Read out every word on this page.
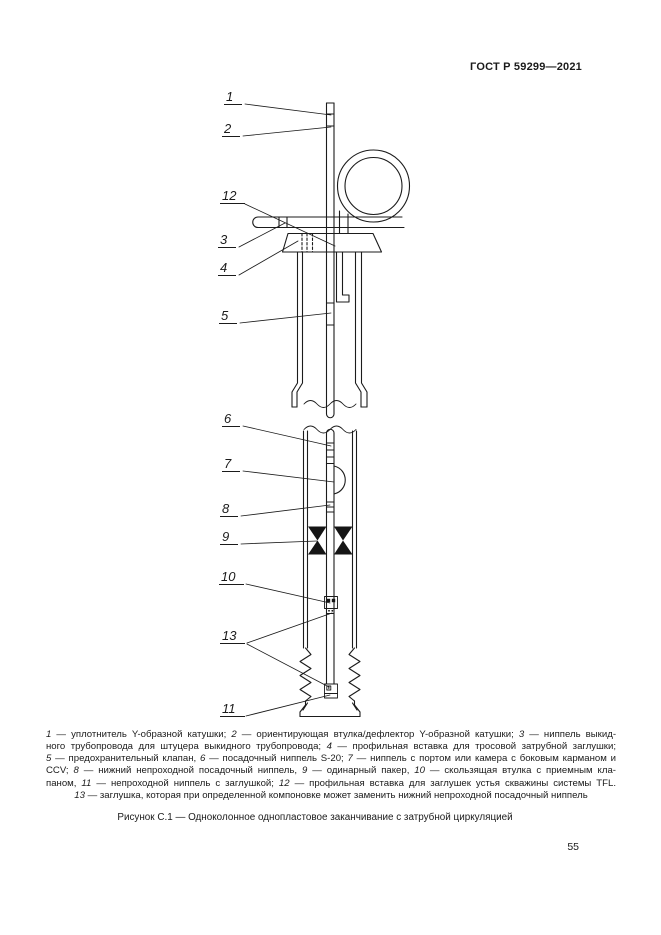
ГОСТ Р 59299—2021
1
2
12
3
4
5
6
7
8
9
10
13
11
1 — уплотнитель Y-образной катушки; 2 — ориентирующая втулка/дефлектор Y-образной катушки; 3 — ниппель выкид-
ного трубопровода для штуцера выкидного трубопровода; 4 — профильная вставка для тросовой затрубной заглушки;
5 — предохранительный клапан, 6 — посадочный ниппель S-20; 7 — ниппель с портом или камера с боковым карманом и
CCV; 8 — нижний непроходной посадочный ниппель, 9 — одинарный пакер, 10 — скользящая втулка с приемным кла-
паном, 11 — непроходной ниппель с заглушкой; 12 — профильная вставка для заглушек устья скважины системы TFL.
13 — заглушка, которая при определенной компоновке может заменить нижний непроходной посадочный ниппель
Рисунок С.1 — Одноколонное однопластовое заканчивание с затрубной циркуляцией
55
